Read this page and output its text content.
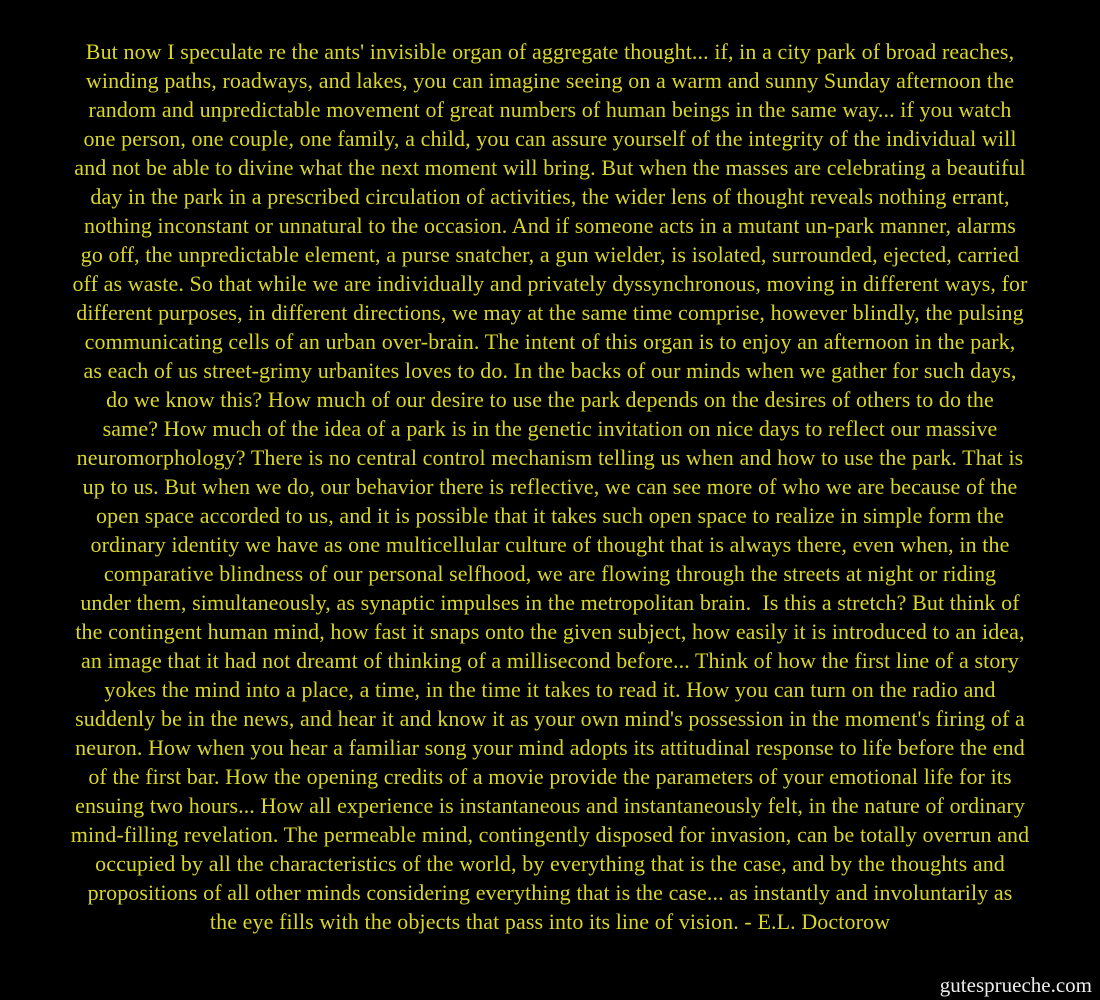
But now I speculate re the ants' invisible organ of aggregate thought... if, in a city park of broad reaches,
winding paths, roadways, and lakes, you can imagine seeing on a warm and sunny Sunday afternoon the
random and unpredictable movement of great numbers of human beings in the same way... if you watch
one person, one couple, one family, a child, you can assure yourself of the integrity of the individual will
and not be able to divine what the next moment will bring. But when the masses are celebrating a beautiful
day in the park in a prescribed circulation of activities, the wider lens of thought reveals nothing errant,
nothing inconstant or unnatural to the occasion. And if someone acts in a mutant un-park manner, alarms
go off, the unpredictable element, a purse snatcher, a gun wielder, is isolated, surrounded, ejected, carried
off as waste. So that while we are individually and privately dyssynchronous, moving in different ways, for
different purposes, in different directions, we may at the same time comprise, however blindly, the pulsing
communicating cells of an urban over-brain. The intent of this organ is to enjoy an afternoon in the park,
as each of us street-grimy urbanites loves to do. In the backs of our minds when we gather for such days,
do we know this? How much of our desire to use the park depends on the desires of others to do the
same? How much of the idea of a park is in the genetic invitation on nice days to reflect our massive
neuromorphology? There is no central control mechanism telling us when and how to use the park. That is
up to us. But when we do, our behavior there is reflective, we can see more of who we are because of the
open space accorded to us, and it is possible that it takes such open space to realize in simple form the
ordinary identity we have as one multicellular culture of thought that is always there, even when, in the
comparative blindness of our personal selfhood, we are flowing through the streets at night or riding
under them, simultaneously, as synaptic impulses in the metropolitan brain.  Is this a stretch? But think of
the contingent human mind, how fast it snaps onto the given subject, how easily it is introduced to an idea,
an image that it had not dreamt of thinking of a millisecond before... Think of how the first line of a story
yokes the mind into a place, a time, in the time it takes to read it. How you can turn on the radio and
suddenly be in the news, and hear it and know it as your own mind's possession in the moment's firing of a
neuron. How when you hear a familiar song your mind adopts its attitudinal response to life before the end
of the first bar. How the opening credits of a movie provide the parameters of your emotional life for its
ensuing two hours... How all experience is instantaneous and instantaneously felt, in the nature of ordinary
mind-filling revelation. The permeable mind, contingently disposed for invasion, can be totally overrun and
occupied by all the characteristics of the world, by everything that is the case, and by the thoughts and
propositions of all other minds considering everything that is the case... as instantly and involuntarily as
the eye fills with the objects that pass into its line of vision. - E.L. Doctorow
gutesprueche.com
